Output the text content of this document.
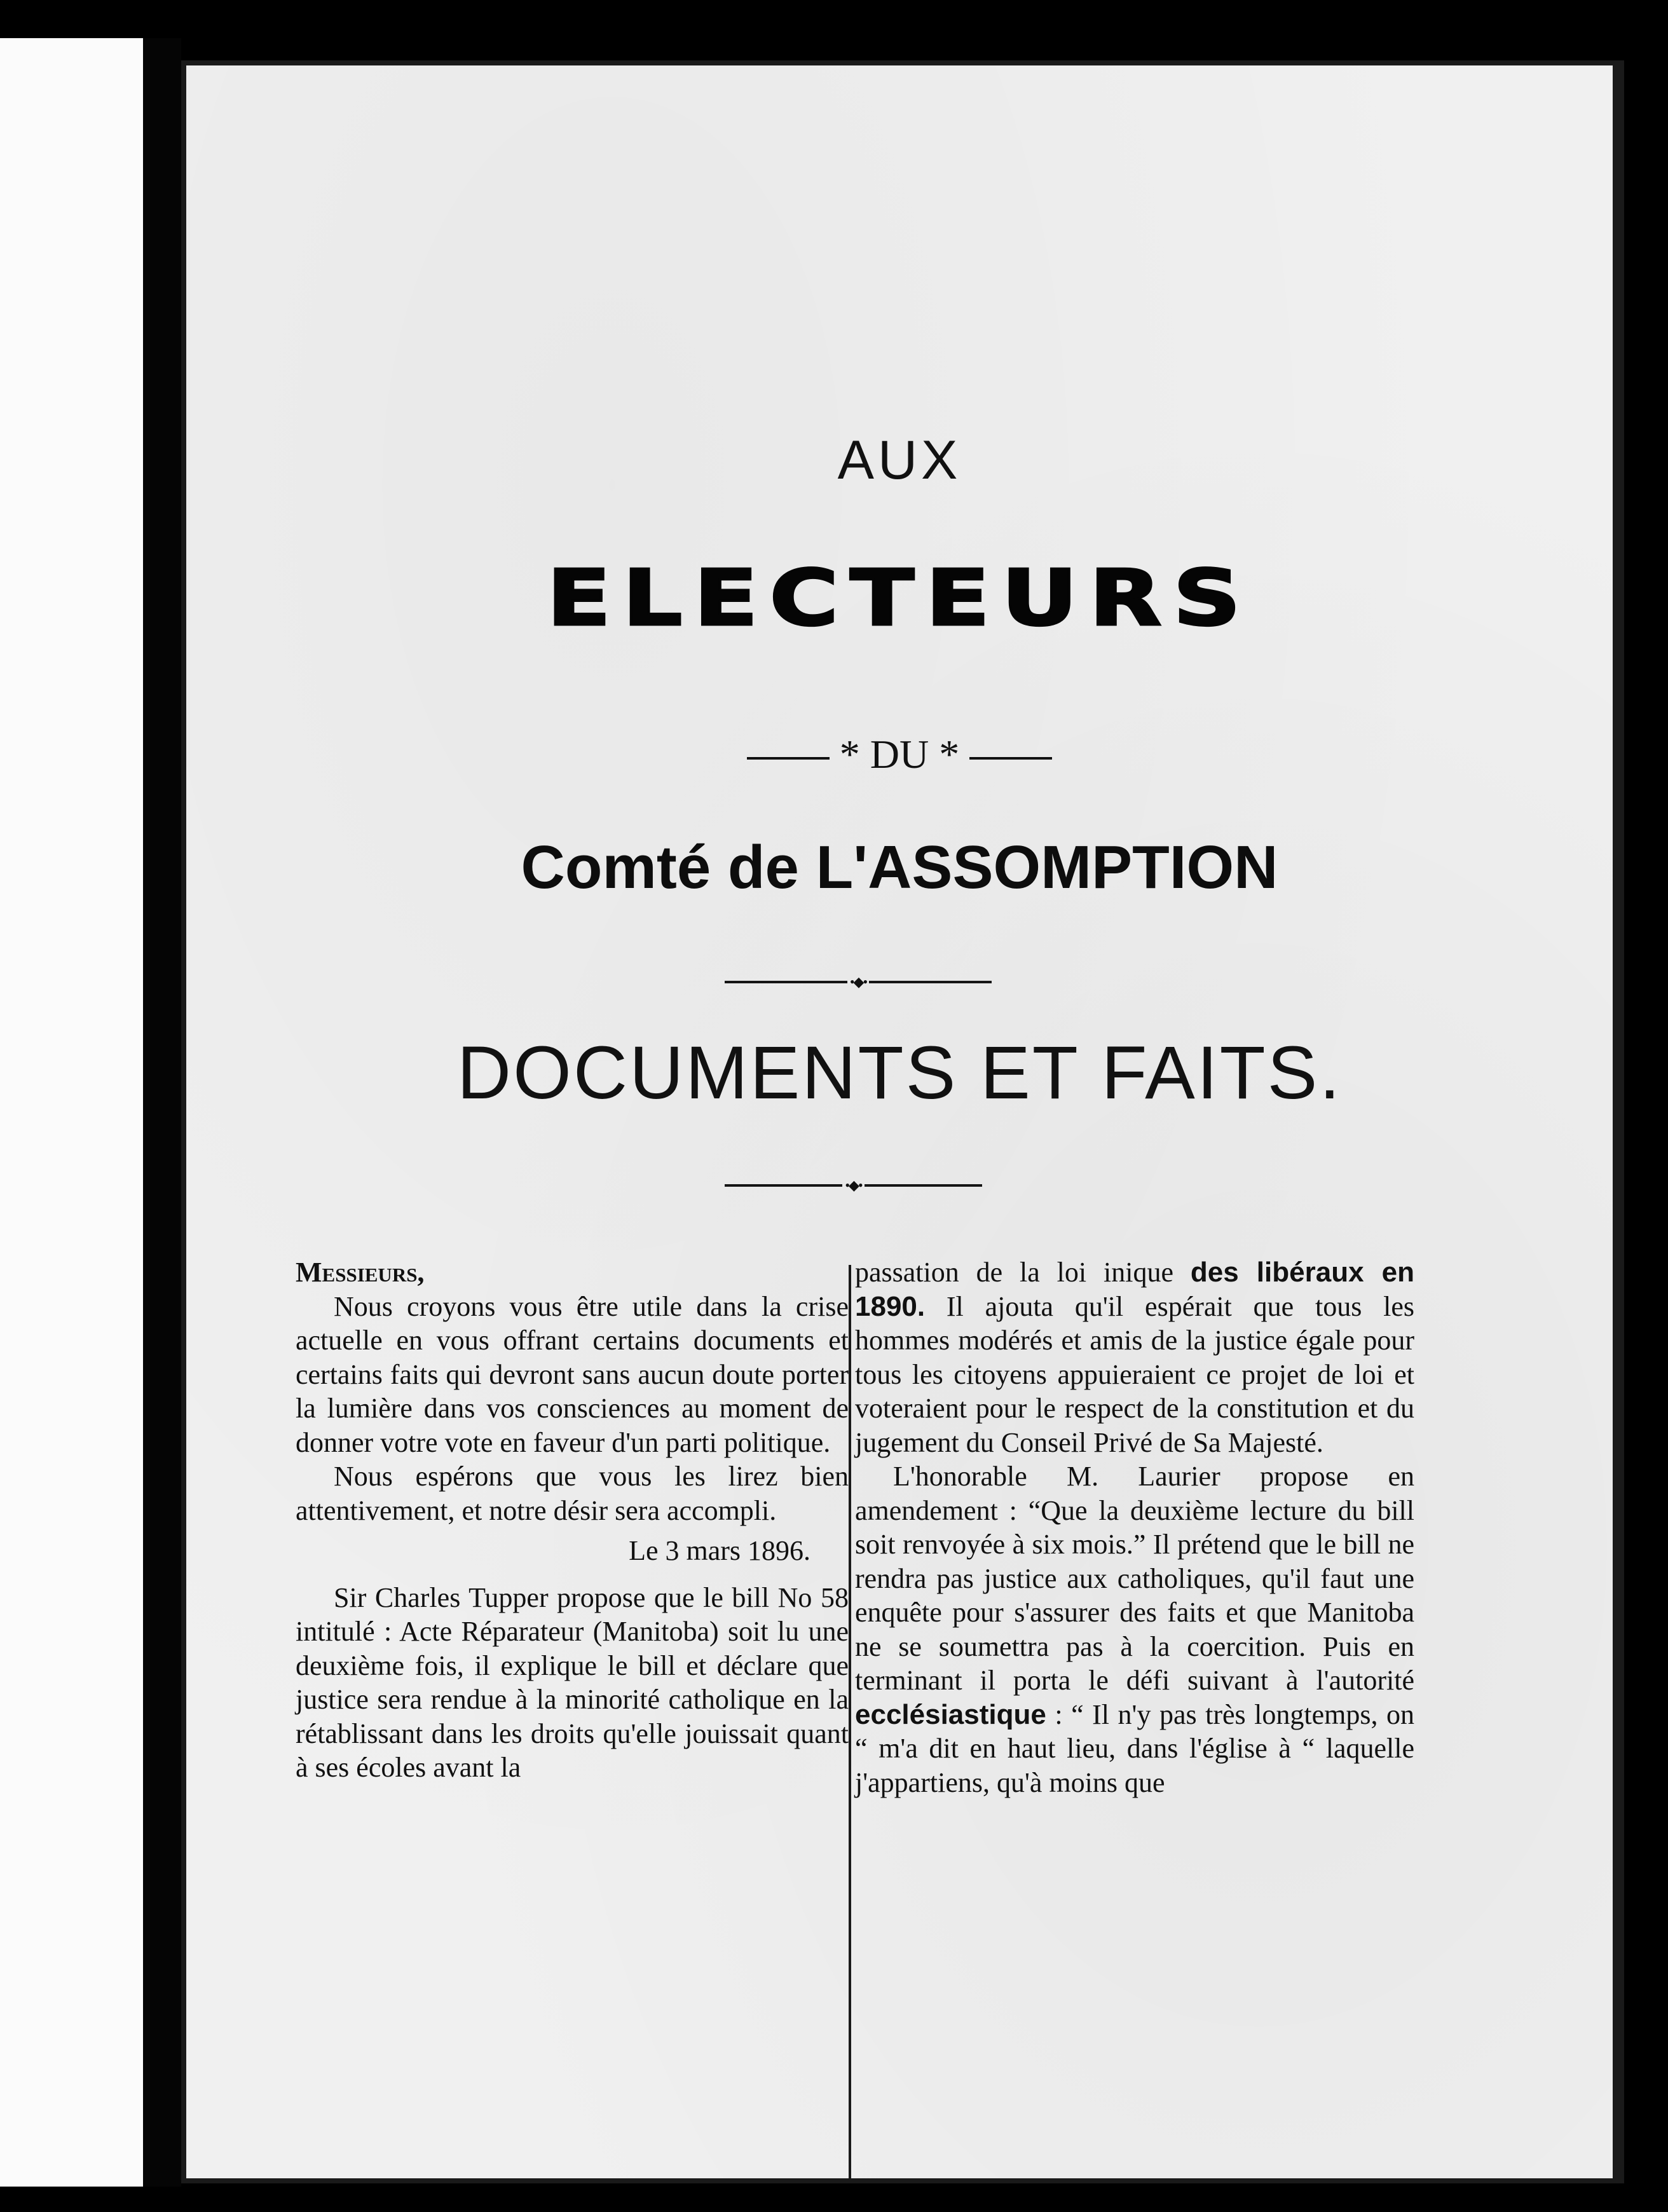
AUX
ELECTEURS
* DU *
Comté de L'ASSOMPTION
•◆•
DOCUMENTS ET FAITS.
•◆•

Messieurs,

Nous croyons vous être utile dans la crise actuelle en vous offrant certains documents et certains faits qui devront sans aucun doute porter la lumière dans vos consciences au moment de donner votre vote en faveur d'un parti politique.

Nous espérons que vous les lirez bien attentivement, et notre désir sera accompli.

Le 3 mars 1896.

Sir Charles Tupper propose que le bill No 58 intitulé : Acte Réparateur (Manitoba) soit lu une deuxième fois, il explique le bill et déclare que justice sera rendue à la minorité catholique en la rétablissant dans les droits qu'elle jouissait quant à ses écoles avant la

passation de la loi inique des libéraux en 1890. Il ajouta qu'il espérait que tous les hommes modérés et amis de la justice égale pour tous les citoyens appuieraient ce projet de loi et voteraient pour le respect de la constitution et du jugement du Conseil Privé de Sa Majesté.

L'honorable M. Laurier propose en amendement : “Que la deuxième lecture du bill soit renvoyée à six mois.” Il prétend que le bill ne rendra pas justice aux catholiques, qu'il faut une enquête pour s'assurer des faits et que Manitoba ne se soumettra pas à la coercition. Puis en terminant il porta le défi suivant à l'autorité ecclésiastique : “ Il n'y pas très longtemps, on “ m'a dit en haut lieu, dans l'église à “ laquelle j'appartiens, qu'à moins que
